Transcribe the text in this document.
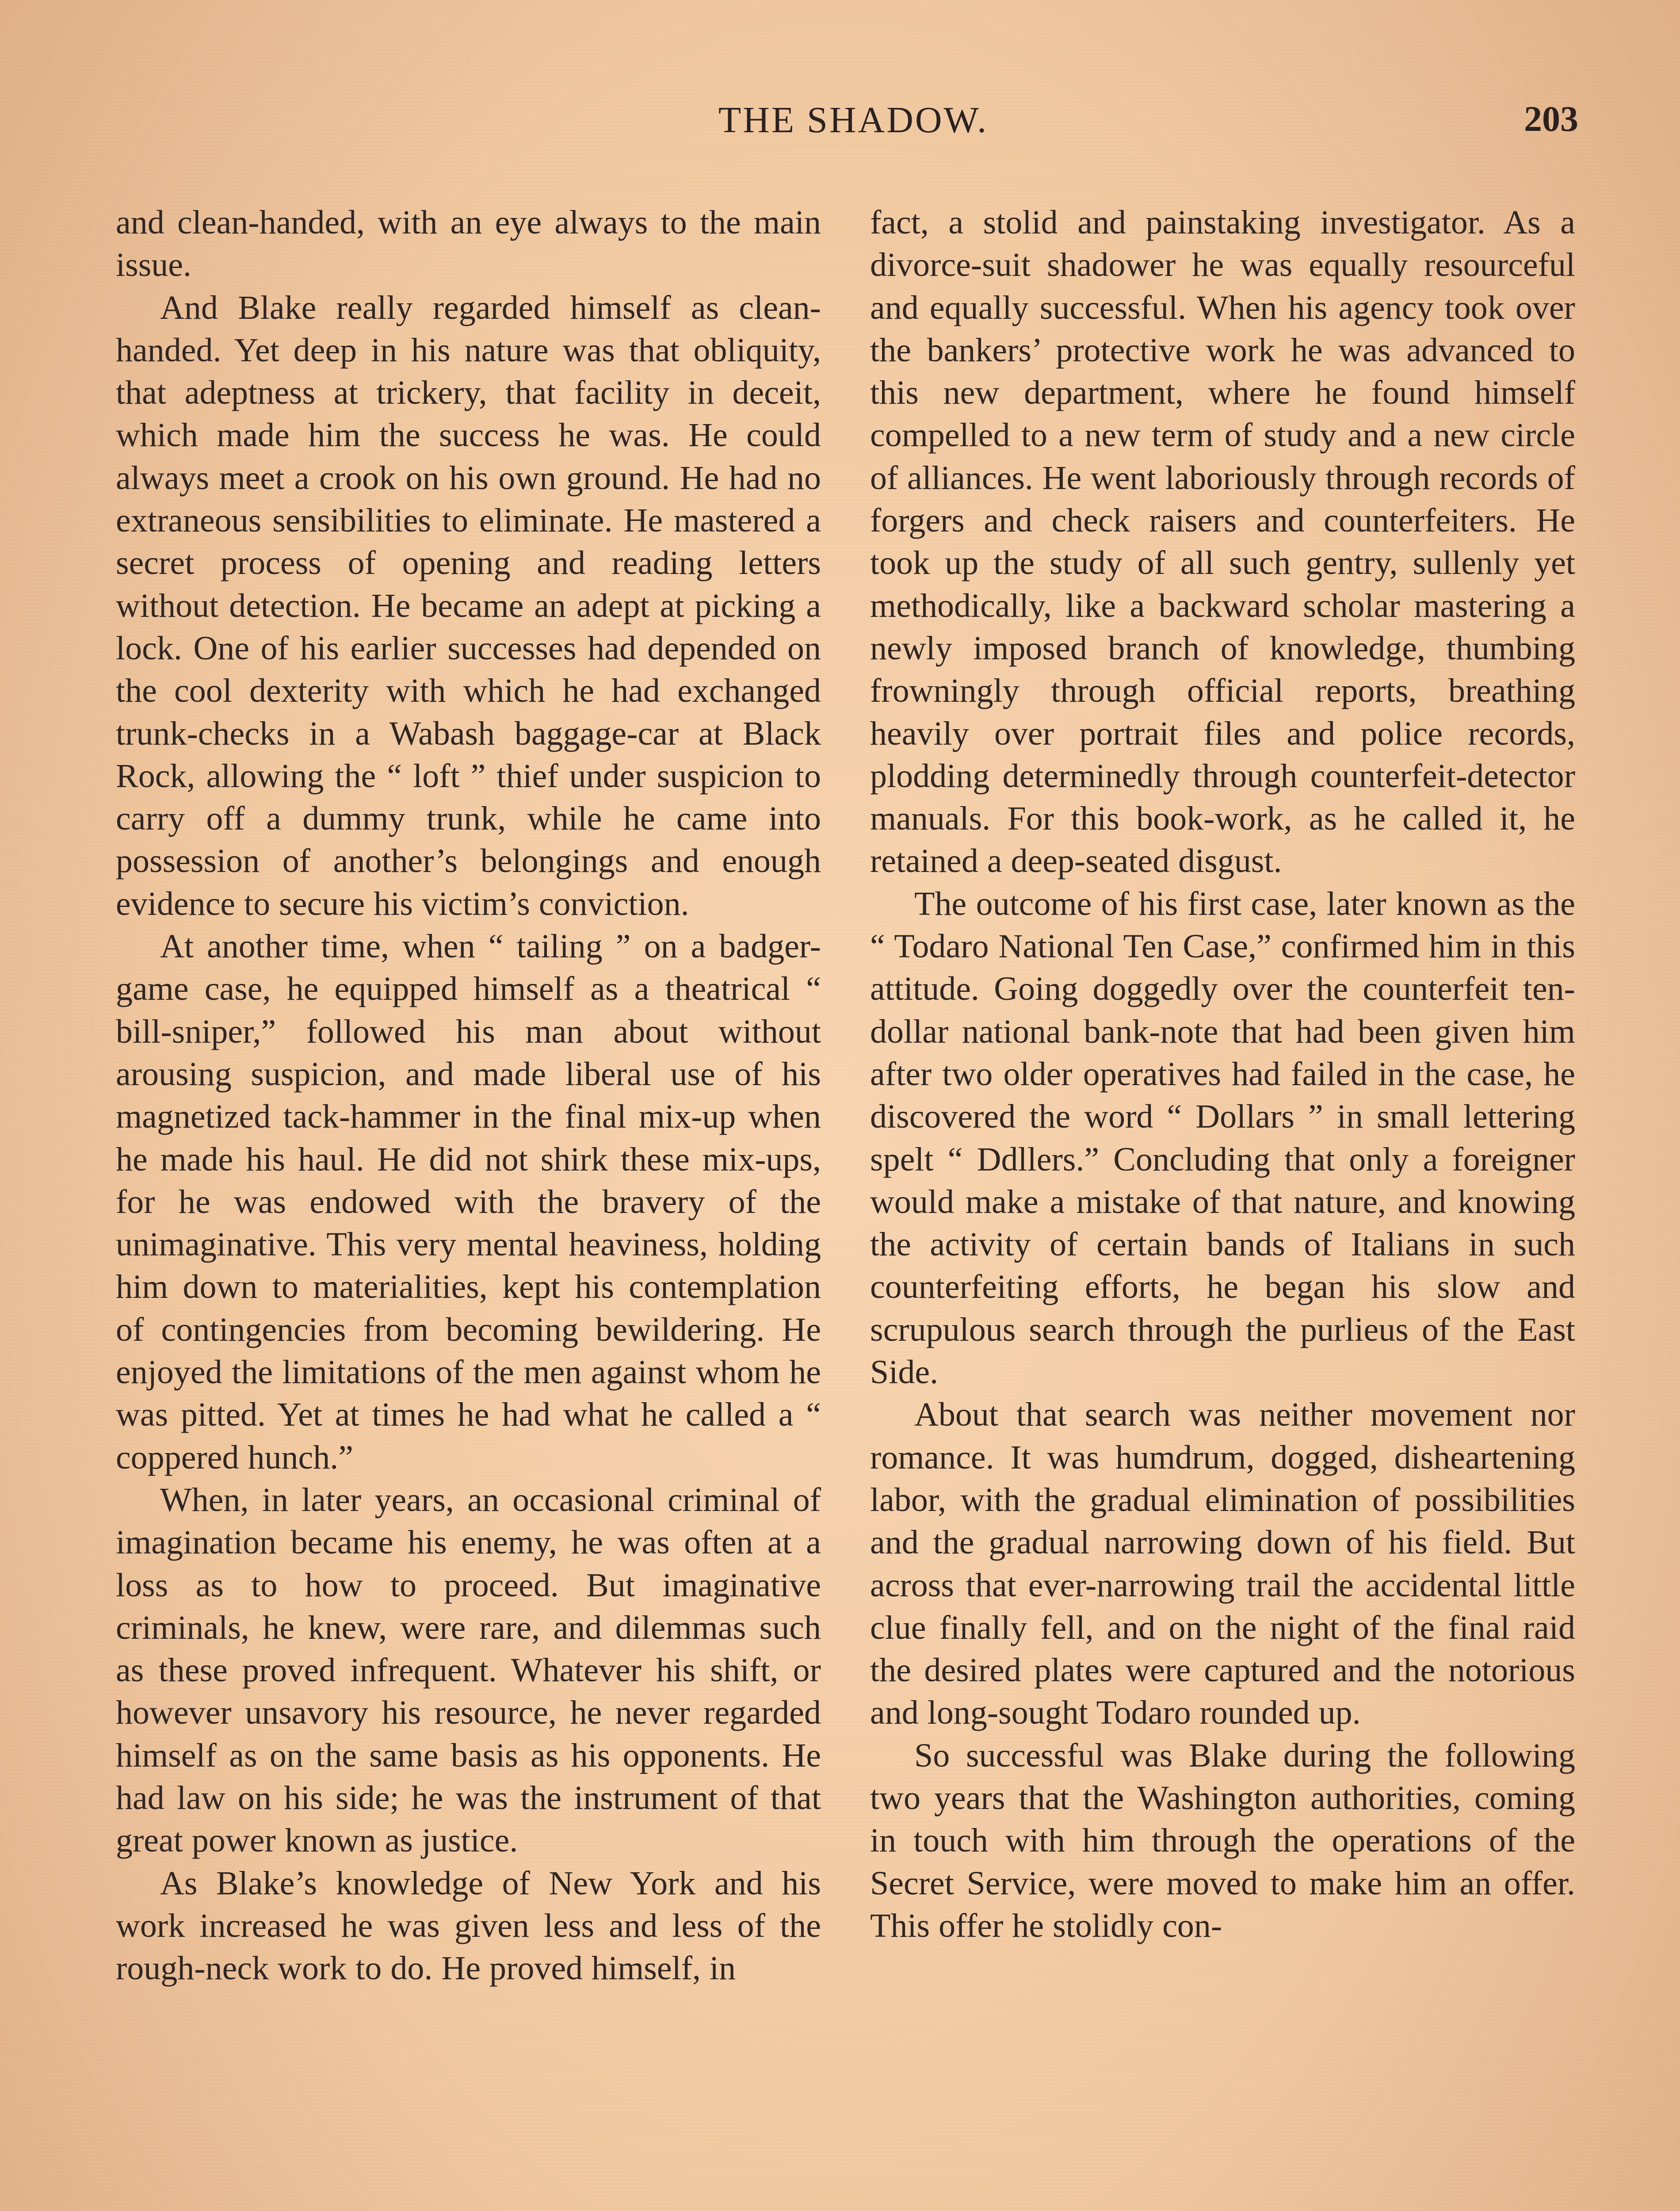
THE SHADOW.	203

and clean-handed, with an eye always to the main issue.

And Blake really regarded himself as clean-handed. Yet deep in his nature was that obliquity, that adeptness at trickery, that facility in deceit, which made him the success he was. He could always meet a crook on his own ground. He had no extraneous sensibilities to eliminate. He mastered a secret process of opening and reading letters without detection. He became an adept at picking a lock. One of his earlier successes had depended on the cool dexterity with which he had exchanged trunk-checks in a Wabash baggage-car at Black Rock, allowing the “ loft ” thief under suspicion to carry off a dummy trunk, while he came into possession of another’s belongings and enough evidence to secure his victim’s conviction.

At another time, when “ tailing ” on a badger-game case, he equipped himself as a theatrical “ bill-sniper,” followed his man about without arousing suspicion, and made liberal use of his magnetized tack-hammer in the final mix-up when he made his haul. He did not shirk these mix-ups, for he was endowed with the bravery of the unimaginative. This very mental heaviness, holding him down to materialities, kept his contemplation of contingencies from becoming bewildering. He enjoyed the limitations of the men against whom he was pitted. Yet at times he had what he called a “ coppered hunch.”

When, in later years, an occasional criminal of imagination became his enemy, he was often at a loss as to how to proceed. But imaginative criminals, he knew, were rare, and dilemmas such as these proved infrequent. Whatever his shift, or however unsavory his resource, he never regarded himself as on the same basis as his opponents. He had law on his side; he was the instrument of that great power known as justice.

As Blake’s knowledge of New York and his work increased he was given less and less of the rough-neck work to do. He proved himself, in

fact, a stolid and painstaking investigator. As a divorce-suit shadower he was equally resourceful and equally successful. When his agency took over the bankers’ protective work he was advanced to this new department, where he found himself compelled to a new term of study and a new circle of alliances. He went laboriously through records of forgers and check raisers and counterfeiters. He took up the study of all such gentry, sullenly yet methodically, like a backward scholar mastering a newly imposed branch of knowledge, thumbing frowningly through official reports, breathing heavily over portrait files and police records, plodding determinedly through counterfeit-detector manuals. For this book-work, as he called it, he retained a deep-seated disgust.

The outcome of his first case, later known as the “ Todaro National Ten Case,” confirmed him in this attitude. Going doggedly over the counterfeit ten-dollar national bank-note that had been given him after two older operatives had failed in the case, he discovered the word “ Dollars ” in small lettering spelt “ Ddllers.” Concluding that only a foreigner would make a mistake of that nature, and knowing the activity of certain bands of Italians in such counterfeiting efforts, he began his slow and scrupulous search through the purlieus of the East Side.

About that search was neither movement nor romance. It was humdrum, dogged, disheartening labor, with the gradual elimination of possibilities and the gradual narrowing down of his field. But across that ever-narrowing trail the accidental little clue finally fell, and on the night of the final raid the desired plates were captured and the notorious and long-sought Todaro rounded up.

So successful was Blake during the following two years that the Washington authorities, coming in touch with him through the operations of the Secret Service, were moved to make him an offer. This offer he stolidly con-
